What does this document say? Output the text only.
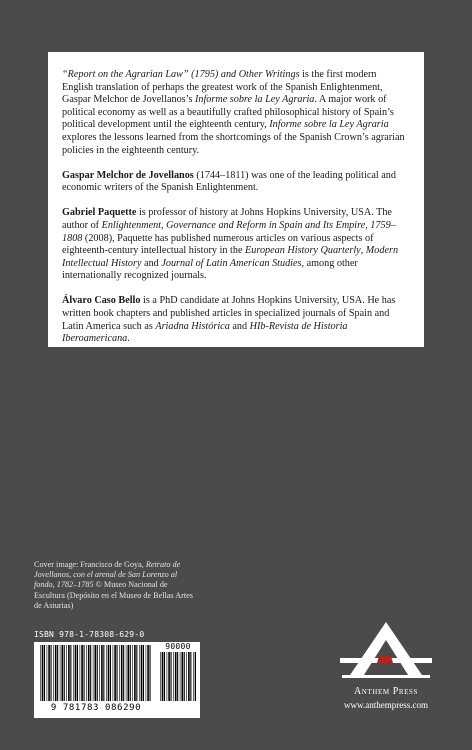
“Report on the Agrarian Law” (1795) and Other Writings is the first modern English translation of perhaps the greatest work of the Spanish Enlightenment, Gaspar Melchor de Jovellanos’s Informe sobre la Ley Agraria. A major work of political economy as well as a beautifully crafted philosophical history of Spain’s political development until the eighteenth century, Informe sobre la Ley Agraria explores the lessons learned from the shortcomings of the Spanish Crown’s agrarian policies in the eighteenth century.

Gaspar Melchor de Jovellanos (1744–1811) was one of the leading political and economic writers of the Spanish Enlightenment.

Gabriel Paquette is professor of history at Johns Hopkins University, USA. The author of Enlightenment, Governance and Reform in Spain and Its Empire, 1759–1808 (2008), Paquette has published numerous articles on various aspects of eighteenth-century intellectual history in the European History Quarterly, Modern Intellectual History and Journal of Latin American Studies, among other internationally recognized journals.

Álvaro Caso Bello is a PhD candidate at Johns Hopkins University, USA. He has written book chapters and published articles in specialized journals of Spain and Latin America such as Ariadna Histórica and HIb-Revista de Historia Iberoamericana.

Cover image: Francisco de Goya, Retrato de Jovellanos, con el arenal de San Lorenzo al fondo, 1782–1785 © Museo Nacional de Escultura (Depósito en el Museo de Bellas Artes de Asturias)
ISBN 978-1-78308-629-0
90000
9 781783 086290
Anthem Press
www.anthempress.com
